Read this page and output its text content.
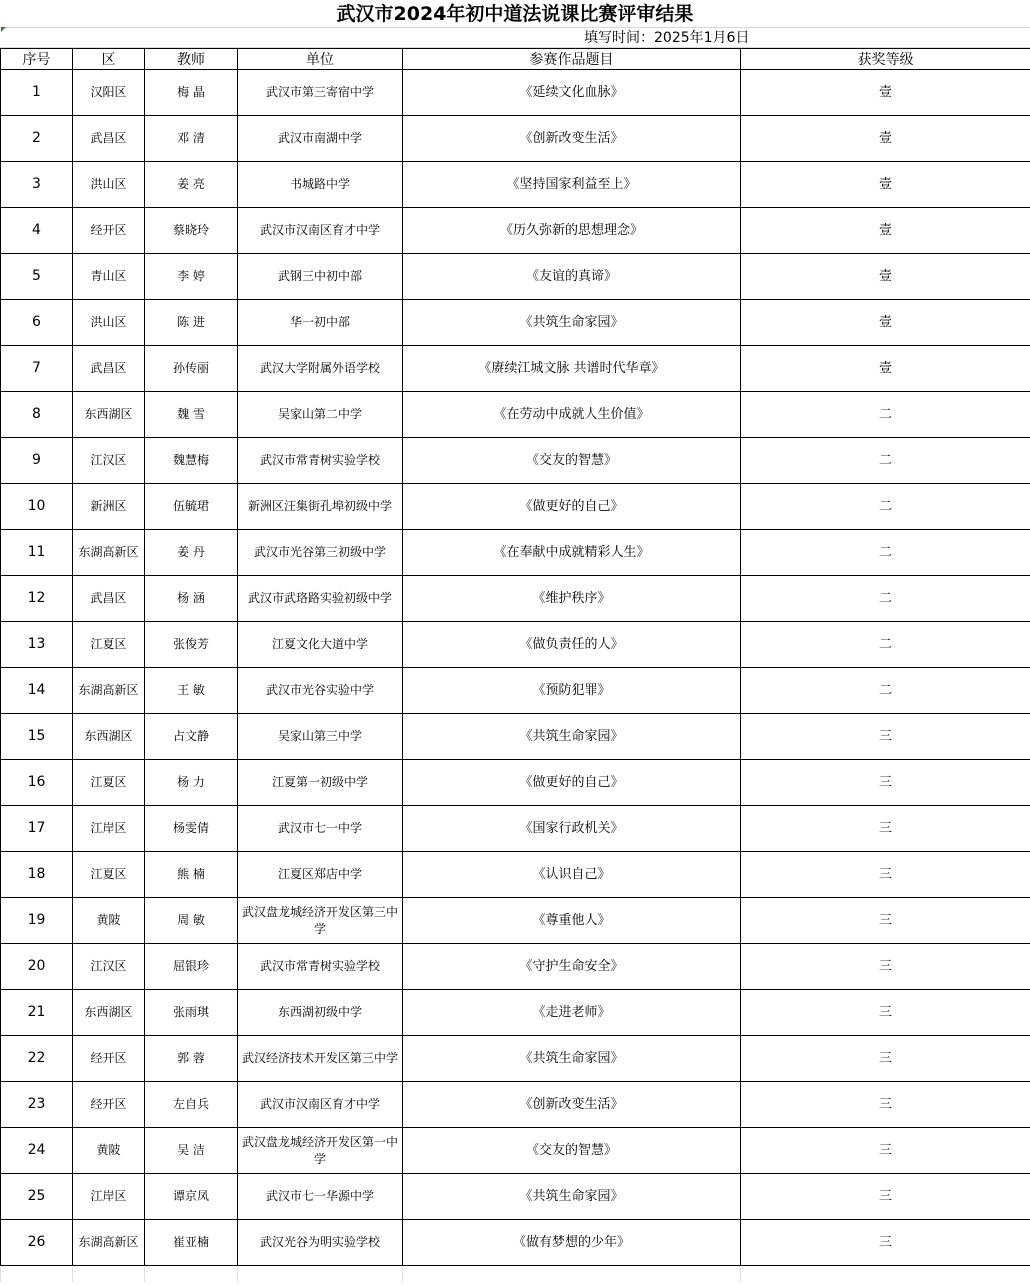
武汉市2024年初中道法说课比赛评审结果
填写时间：2025年1月6日
序号	区	教师	单位	参赛作品题目	获奖等级
1	汉阳区	梅 晶	武汉市第三寄宿中学	《延续文化血脉》	壹
2	武昌区	邓 清	武汉市南湖中学	《创新改变生活》	壹
3	洪山区	姜 亮	书城路中学	《坚持国家利益至上》	壹
4	经开区	蔡晓玲	武汉市汉南区育才中学	《历久弥新的思想理念》	壹
5	青山区	李 婷	武钢三中初中部	《友谊的真谛》	壹
6	洪山区	陈 进	华一初中部	《共筑生命家园》	壹
7	武昌区	孙传丽	武汉大学附属外语学校	《赓续江城文脉 共谱时代华章》	壹
8	东西湖区	魏 雪	吴家山第二中学	《在劳动中成就人生价值》	二
9	江汉区	魏慧梅	武汉市常青树实验学校	《交友的智慧》	二
10	新洲区	伍毓珺	新洲区汪集街孔埠初级中学	《做更好的自己》	二
11	东湖高新区	姜 丹	武汉市光谷第三初级中学	《在奉献中成就精彩人生》	二
12	武昌区	杨 涵	武汉市武珞路实验初级中学	《维护秩序》	二
13	江夏区	张俊芳	江夏文化大道中学	《做负责任的人》	二
14	东湖高新区	王 敏	武汉市光谷实验中学	《预防犯罪》	二
15	东西湖区	占文静	吴家山第三中学	《共筑生命家园》	三
16	江夏区	杨 力	江夏第一初级中学	《做更好的自己》	三
17	江岸区	杨雯倩	武汉市七一中学	《国家行政机关》	三
18	江夏区	熊 楠	江夏区郑店中学	《认识自己》	三
19	黄陂	周 敏	武汉盘龙城经济开发区第三中学	《尊重他人》	三
20	江汉区	屈银珍	武汉市常青树实验学校	《守护生命安全》	三
21	东西湖区	张雨琪	东西湖初级中学	《走进老师》	三
22	经开区	郭 蓉	武汉经济技术开发区第三中学	《共筑生命家园》	三
23	经开区	左自兵	武汉市汉南区育才中学	《创新改变生活》	三
24	黄陂	吴 洁	武汉盘龙城经济开发区第一中学	《交友的智慧》	三
25	江岸区	谭京凤	武汉市七一华源中学	《共筑生命家园》	三
26	东湖高新区	崔亚楠	武汉光谷为明实验学校	《做有梦想的少年》	三
